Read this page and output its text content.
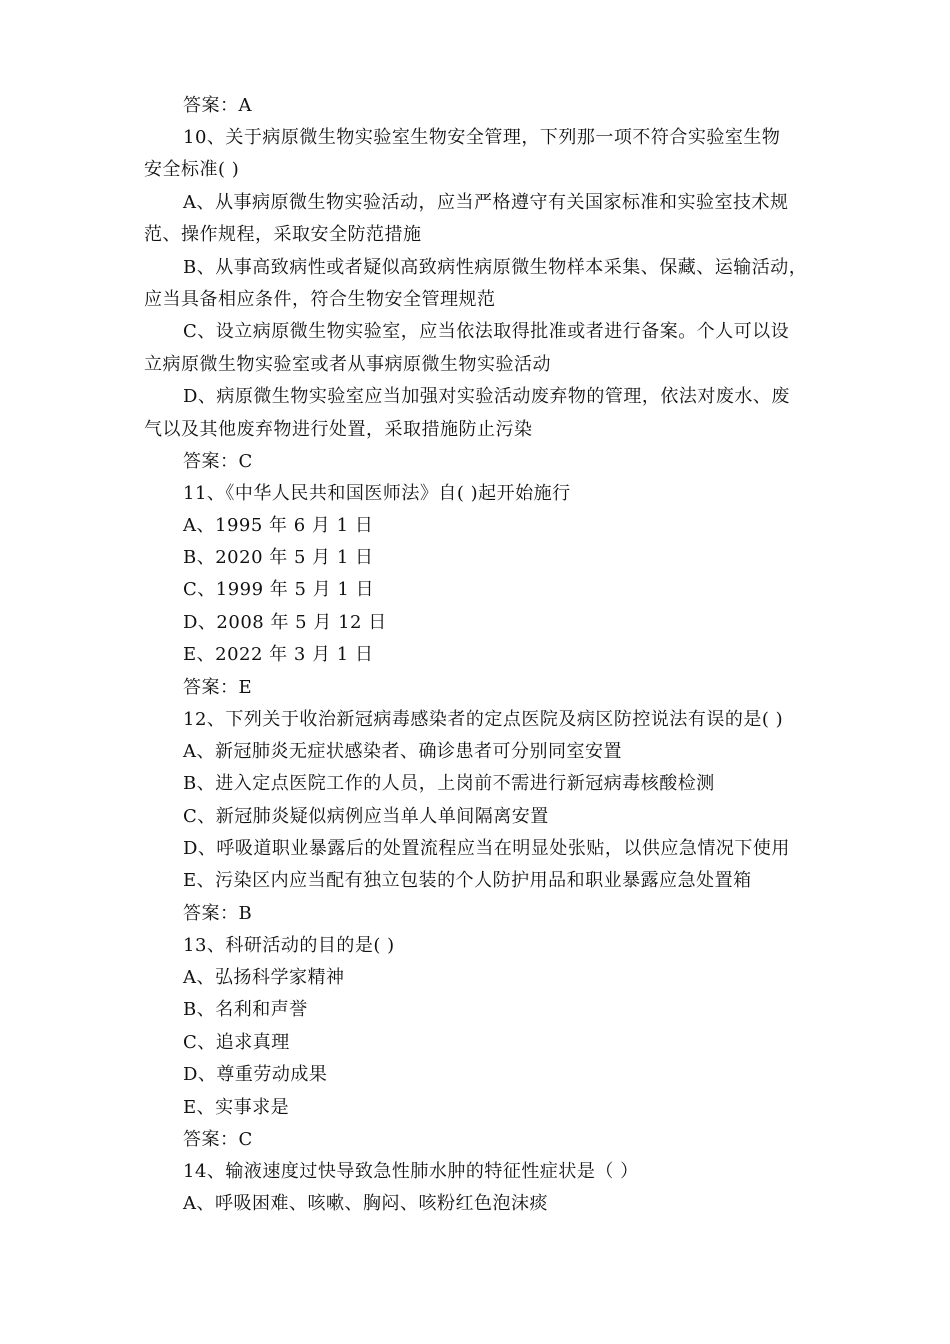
答案：A
10、关于病原微生物实验室生物安全管理，下列那一项不符合实验室生物
安全标准( )
A、从事病原微生物实验活动，应当严格遵守有关国家标准和实验室技术规
范、操作规程，采取安全防范措施
B、从事高致病性或者疑似高致病性病原微生物样本采集、保藏、运输活动，
应当具备相应条件，符合生物安全管理规范
C、设立病原微生物实验室，应当依法取得批准或者进行备案。个人可以设
立病原微生物实验室或者从事病原微生物实验活动
D、病原微生物实验室应当加强对实验活动废弃物的管理，依法对废水、废
气以及其他废弃物进行处置，采取措施防止污染
答案：C
11、《中华人民共和国医师法》自( )起开始施行
A、1995 年 6 月 1 日
B、2020 年 5 月 1 日
C、1999 年 5 月 1 日
D、2008 年 5 月 12 日
E、2022 年 3 月 1 日
答案：E
12、下列关于收治新冠病毒感染者的定点医院及病区防控说法有误的是( )
A、新冠肺炎无症状感染者、确诊患者可分别同室安置
B、进入定点医院工作的人员，上岗前不需进行新冠病毒核酸检测
C、新冠肺炎疑似病例应当单人单间隔离安置
D、呼吸道职业暴露后的处置流程应当在明显处张贴，以供应急情况下使用
E、污染区内应当配有独立包装的个人防护用品和职业暴露应急处置箱
答案：B
13、科研活动的目的是( )
A、弘扬科学家精神
B、名利和声誉
C、追求真理
D、尊重劳动成果
E、实事求是
答案：C
14、输液速度过快导致急性肺水肿的特征性症状是（ ）
A、呼吸困难、咳嗽、胸闷、咳粉红色泡沫痰
